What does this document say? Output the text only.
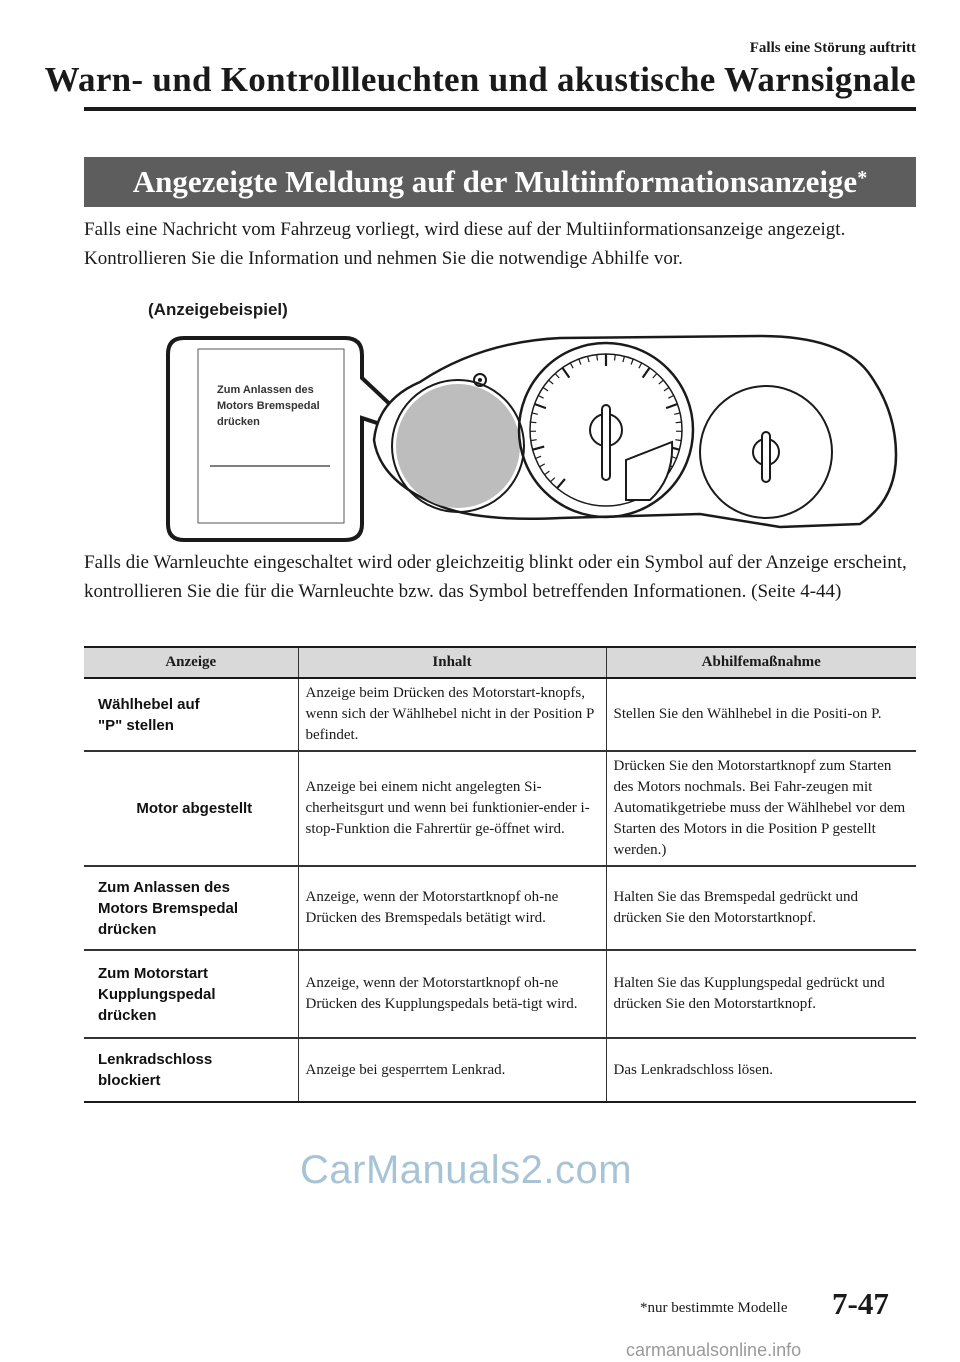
Falls eine Störung auftritt
Warn- und Kontrollleuchten und akustische Warnsignale
Angezeigte Meldung auf der Multiinformationsanzeige*
Falls eine Nachricht vom Fahrzeug vorliegt, wird diese auf der Multiinformationsanzeige angezeigt. Kontrollieren Sie die Information und nehmen Sie die notwendige Abhilfe vor.
(Anzeigebeispiel)
Zum Anlassen des
Motors Bremspedal
drücken
Falls die Warnleuchte eingeschaltet wird oder gleichzeitig blinkt oder ein Symbol auf der Anzeige erscheint, kontrollieren Sie die für die Warnleuchte bzw. das Symbol betreffenden Informationen. (Seite 4-44)
Anzeige	Inhalt	Abhilfemaßnahme
Wählhebel auf
"P" stellen	Anzeige beim Drücken des Motorstart-knopfs, wenn sich der Wählhebel nicht in der Position P befindet.	Stellen Sie den Wählhebel in die Positi-on P.
Motor abgestellt	Anzeige bei einem nicht angelegten Si-cherheitsgurt und wenn bei funktionier-ender i-stop-Funktion die Fahrertür ge-öffnet wird.	Drücken Sie den Motorstartknopf zum Starten des Motors nochmals. Bei Fahr-zeugen mit Automatikgetriebe muss der Wählhebel vor dem Starten des Motors in die Position P gestellt werden.)
Zum Anlassen des
Motors Bremspedal
drücken	Anzeige, wenn der Motorstartknopf oh-ne Drücken des Bremspedals betätigt wird.	Halten Sie das Bremspedal gedrückt und drücken Sie den Motorstartknopf.
Zum Motorstart
Kupplungspedal
drücken	Anzeige, wenn der Motorstartknopf oh-ne Drücken des Kupplungspedals betä-tigt wird.	Halten Sie das Kupplungspedal gedrückt und drücken Sie den Motorstartknopf.
Lenkradschloss
blockiert	Anzeige bei gesperrtem Lenkrad.	Das Lenkradschloss lösen.
CarManuals2.com
*nur bestimmte Modelle 7-47
carmanualsonline.info
